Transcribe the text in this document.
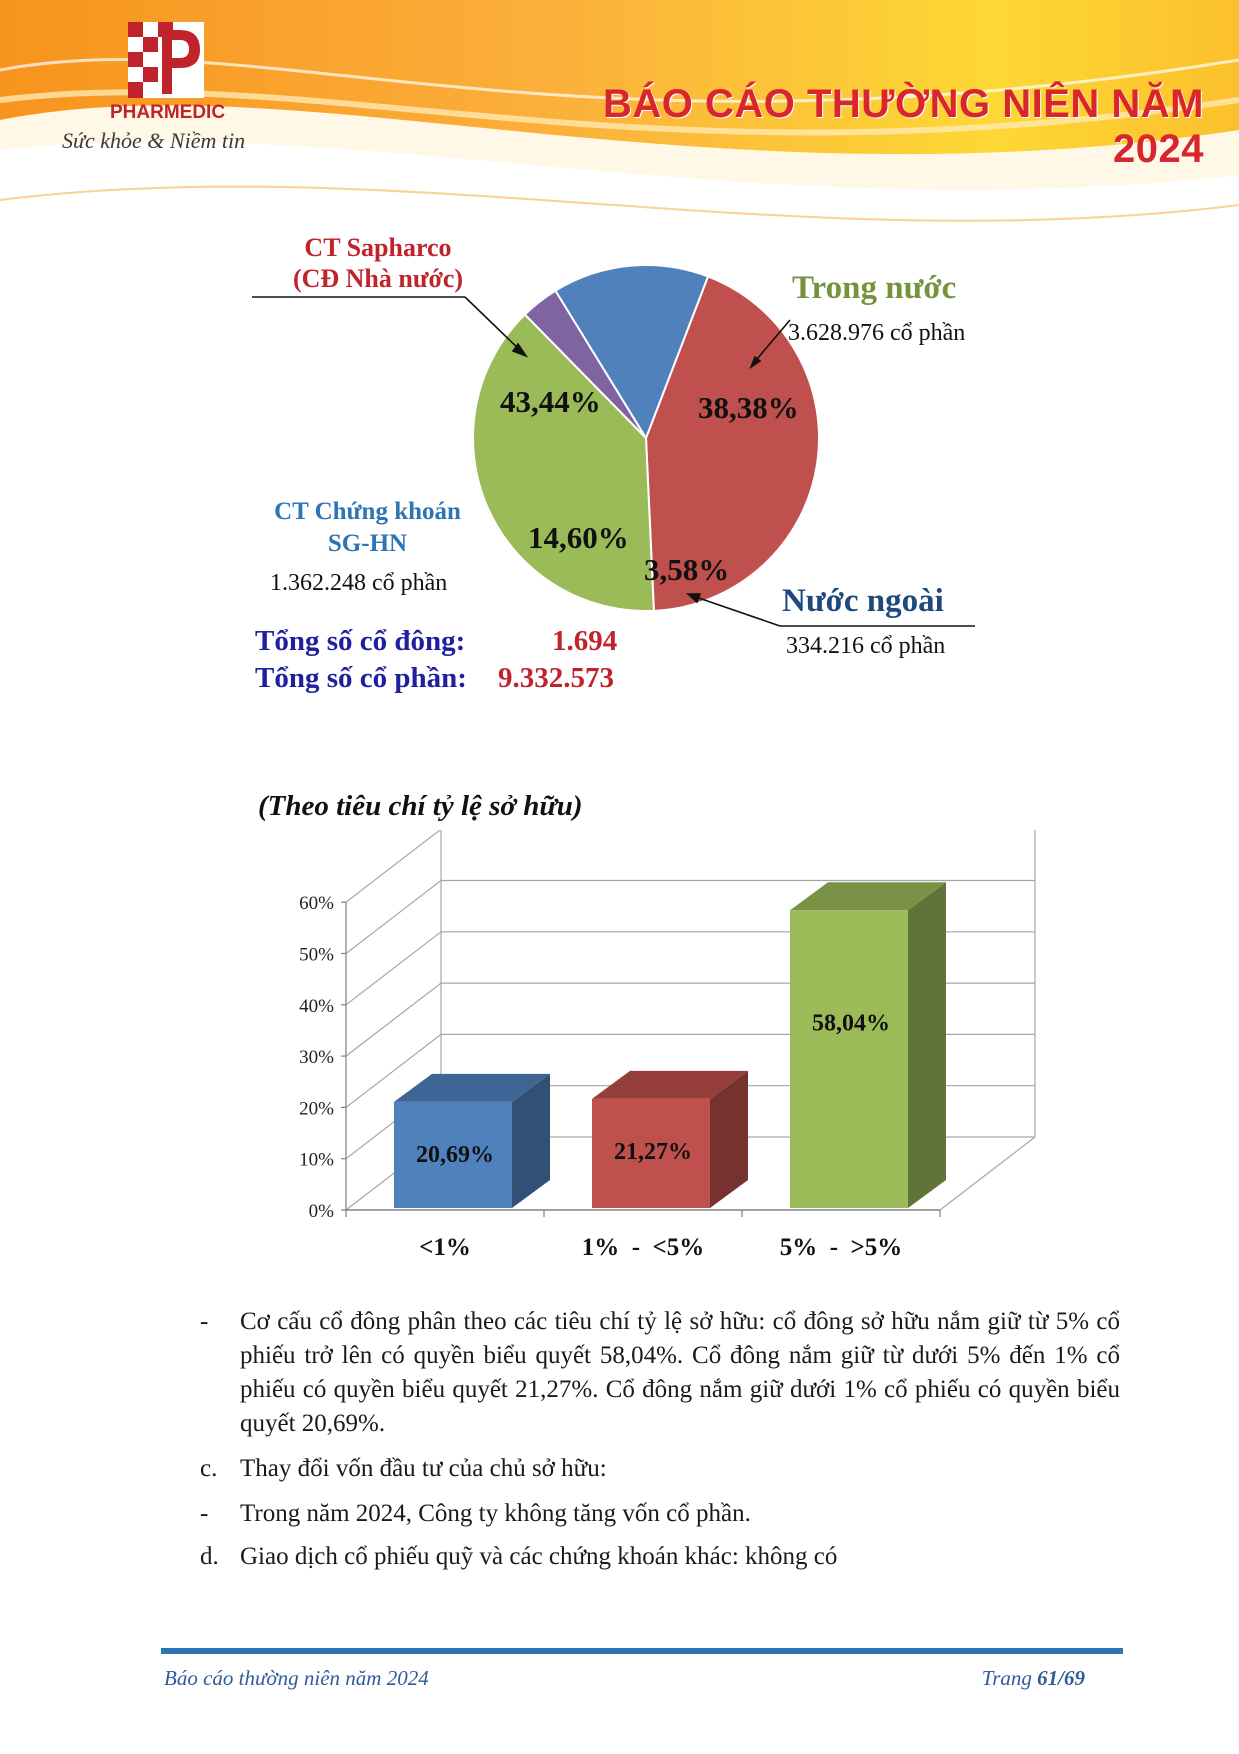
PHARMEDIC
Sức khỏe & Niềm tin
BÁO CÁO THƯỜNG NIÊN NĂM 2024
CT Sapharco
(CĐ Nhà nước)	Trong nước
3.628.976 cổ phần
CT Chứng khoán
SG-HN
1.362.248 cổ phần	Nước ngoài
334.216 cổ phần
43,44%	38,38%
3,58%
14,60%
Tổng số cổ đông:	1.694
Tổng số cổ phần: 9.332.573
(Theo tiêu chí tỷ lệ sở hữu)
0%
10%
20%
30%
40%
50%
60%
20,69%	21,27%
58,04%
<1%	1%  -  <5%	5%  -  >5%
- Cơ cấu cổ đông phân theo các tiêu chí tỷ lệ sở hữu: cổ đông sở hữu nắm giữ từ 5% cổ phiếu trở lên có quyền biểu quyết 58,04%. Cổ đông nắm giữ từ dưới 5% đến 1% cổ phiếu có quyền biểu quyết 21,27%. Cổ đông nắm giữ dưới 1% cổ phiếu có quyền biểu quyết 20,69%.
c. Thay đổi vốn đầu tư của chủ sở hữu:
- Trong năm 2024, Công ty không tăng vốn cổ phần.
d. Giao dịch cổ phiếu quỹ và các chứng khoán khác: không có
Báo cáo thường niên năm 2024	Trang 61/69
